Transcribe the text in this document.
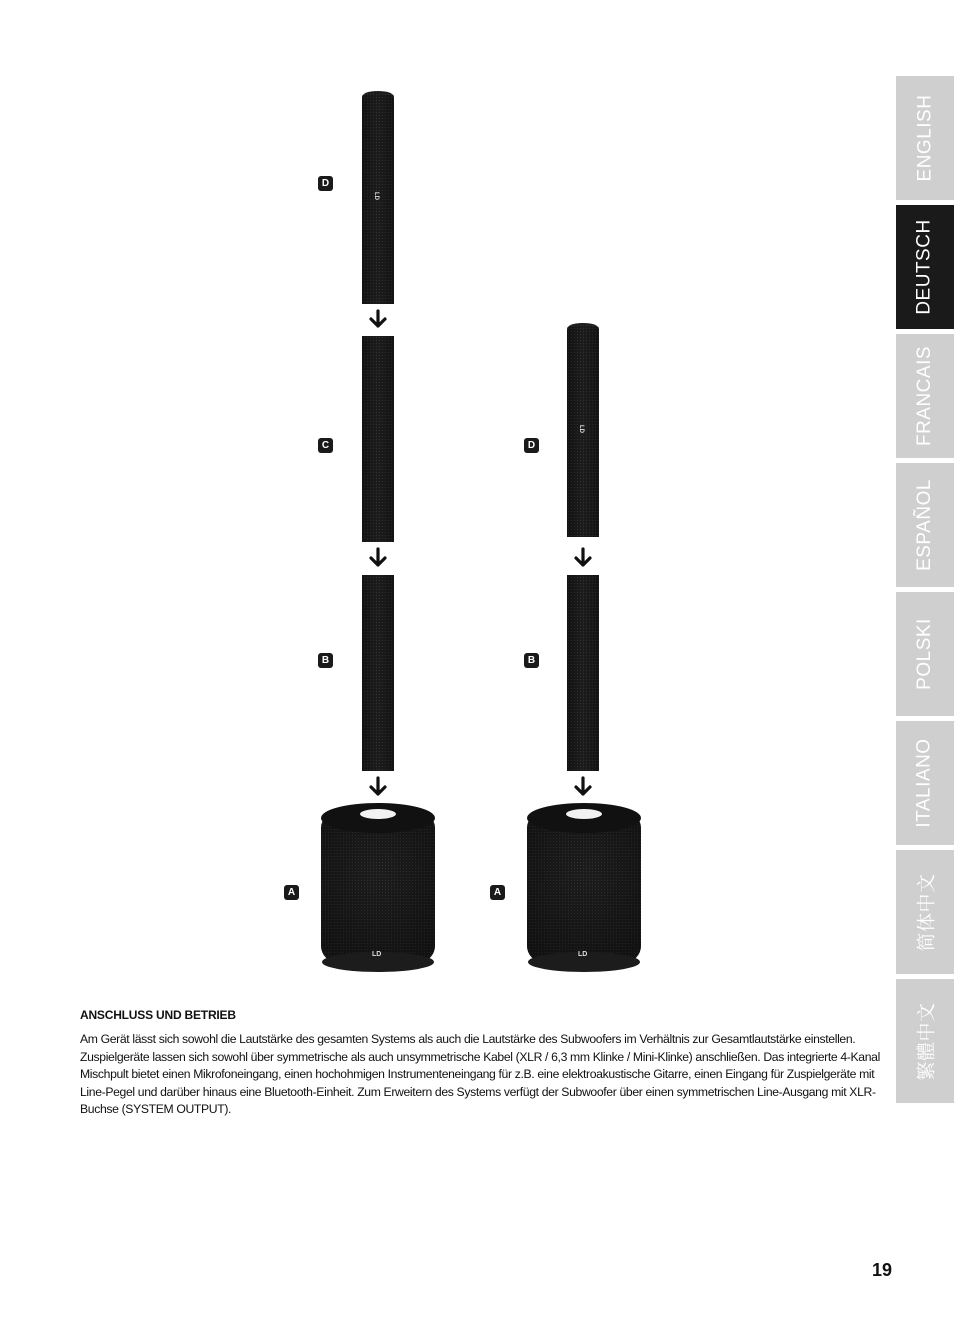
ENGLISH
DEUTSCH
FRANCAIS
ESPAÑOL
POLSKI
ITALIANO
简体中文
繁體中文
LD
LD
LD	LD
D
C
B
A
D
B
A
ANSCHLUSS UND BETRIEB

Am Gerät lässt sich sowohl die Lautstärke des gesamten Systems als auch die Lautstärke des Subwoofers im Verhältnis zur Gesamtlautstärke einstellen. Zuspielgeräte lassen sich sowohl über symmetrische als auch unsymmetrische Kabel (XLR / 6,3 mm Klinke / Mini-Klinke) anschließen. Das integrierte 4-Kanal Mischpult bietet einen Mikrofoneingang, einen hochohmigen Instrumenteneingang für z.B. eine elektroakustische Gitarre, einen Eingang für Zuspielgeräte mit Line-Pegel und darüber hinaus eine Bluetooth-Einheit. Zum Erweitern des Systems verfügt der Subwoofer über einen symmetrischen Line-Ausgang mit XLR-Buchse (SYSTEM OUTPUT).

19
